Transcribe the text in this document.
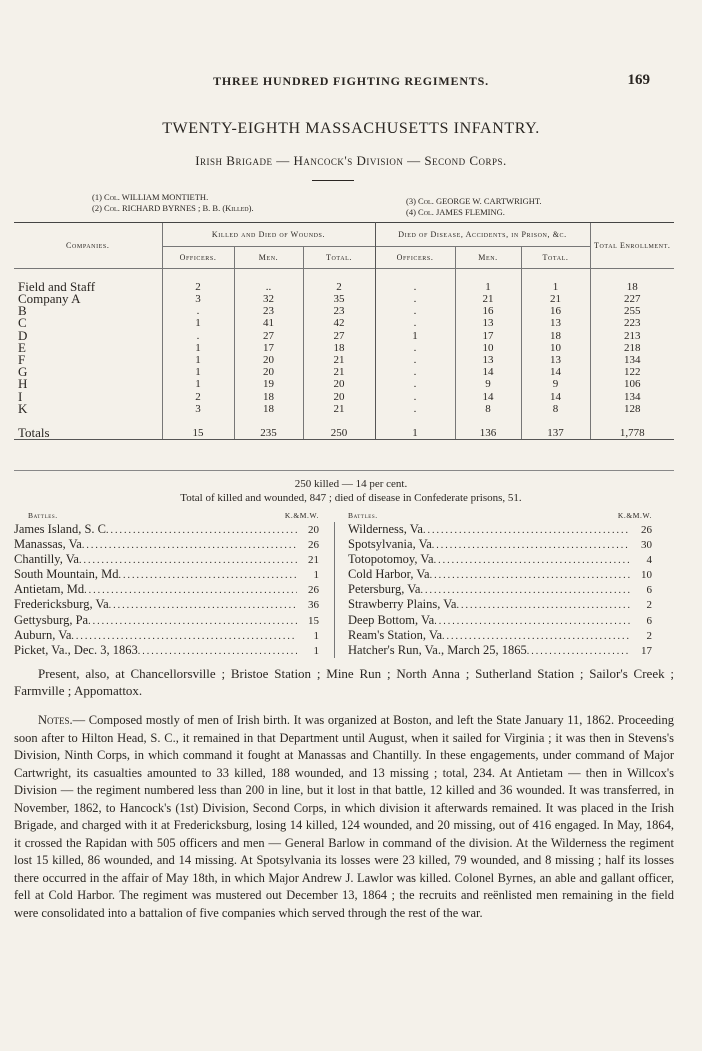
THREE HUNDRED FIGHTING REGIMENTS.	169
TWENTY-EIGHTH MASSACHUSETTS INFANTRY.
Irish Brigade — Hancock's Division — Second Corps.
(1) Col. WILLIAM MONTIETH.
(2) Col. RICHARD BYRNES ; B. B. (Killed).
(3) Col. GEORGE W. CARTWRIGHT.
(4) Col. JAMES FLEMING.
Companies.	Killed and Died of Wounds.			Died of Disease, Accidents, in Prison, &c.			Total Enrollment.
	Officers.	Men.	Total.	Officers.	Men.	Total.	

Field and Staff	2	..	2	.	1	1	18
Company A	3	32	35	.	21	21	227
B	.	23	23	.	16	16	255
C	1	41	42	.	13	13	223
D	.	27	27	1	17	18	213
E	1	17	18	.	10	10	218
F	1	20	21	.	13	13	134
G	1	20	21	.	14	14	122
H	1	19	20	.	9	9	106
I	2	18	20	.	14	14	134
K	3	18	21	.	8	8	128

Totals	15	235	250	1	136	137	1,778
250 killed — 14 per cent.
Total of killed and wounded, 847 ; died of disease in Confederate prisons, 51.
Battles.	K.&M.W.
James Island, S. C .....	20
Manassas, Va .....	26
Chantilly, Va .....	21
South Mountain, Md .....	1
Antietam, Md .....	26
Fredericksburg, Va .....	36
Gettysburg, Pa .....	15
Auburn, Va .....	1
Picket, Va., Dec. 3, 1863 .....	1
Battles.	K.&M.W.
Wilderness, Va .....	26
Spotsylvania, Va .....	30
Totopotomoy, Va .....	4
Cold Harbor, Va .....	10
Petersburg, Va .....	6
Strawberry Plains, Va .....	2
Deep Bottom, Va .....	6
Ream's Station, Va .....	2
Hatcher's Run, Va., March 25, 1865 .....	17

Present, also, at Chancellorsville ; Bristoe Station ; Mine Run ; North Anna ; Sutherland Station ; Sailor's Creek ; Farmville ; Appomattox.

Notes.— Composed mostly of men of Irish birth. It was organized at Boston, and left the State January 11, 1862. Proceeding soon after to Hilton Head, S. C., it remained in that Department until August, when it sailed for Virginia ; it was then in Stevens's Division, Ninth Corps, in which command it fought at Manassas and Chantilly. In these engagements, under command of Major Cartwright, its casualties amounted to 33 killed, 188 wounded, and 13 missing ; total, 234. At Antietam — then in Willcox's Division — the regiment numbered less than 200 in line, but it lost in that battle, 12 killed and 36 wounded. It was transferred, in November, 1862, to Hancock's (1st) Division, Second Corps, in which division it afterwards remained. It was placed in the Irish Brigade, and charged with it at Fredericksburg, losing 14 killed, 124 wounded, and 20 missing, out of 416 engaged. In May, 1864, it crossed the Rapidan with 505 officers and men — General Barlow in command of the division. At the Wilderness the regiment lost 15 killed, 86 wounded, and 14 missing. At Spotsylvania its losses were 23 killed, 79 wounded, and 8 missing ; half its losses there occurred in the affair of May 18th, in which Major Andrew J. Lawlor was killed. Colonel Byrnes, an able and gallant officer, fell at Cold Harbor. The regiment was mustered out December 13, 1864 ; the recruits and reënlisted men remaining in the field were consolidated into a battalion of five companies which served through the rest of the war.
